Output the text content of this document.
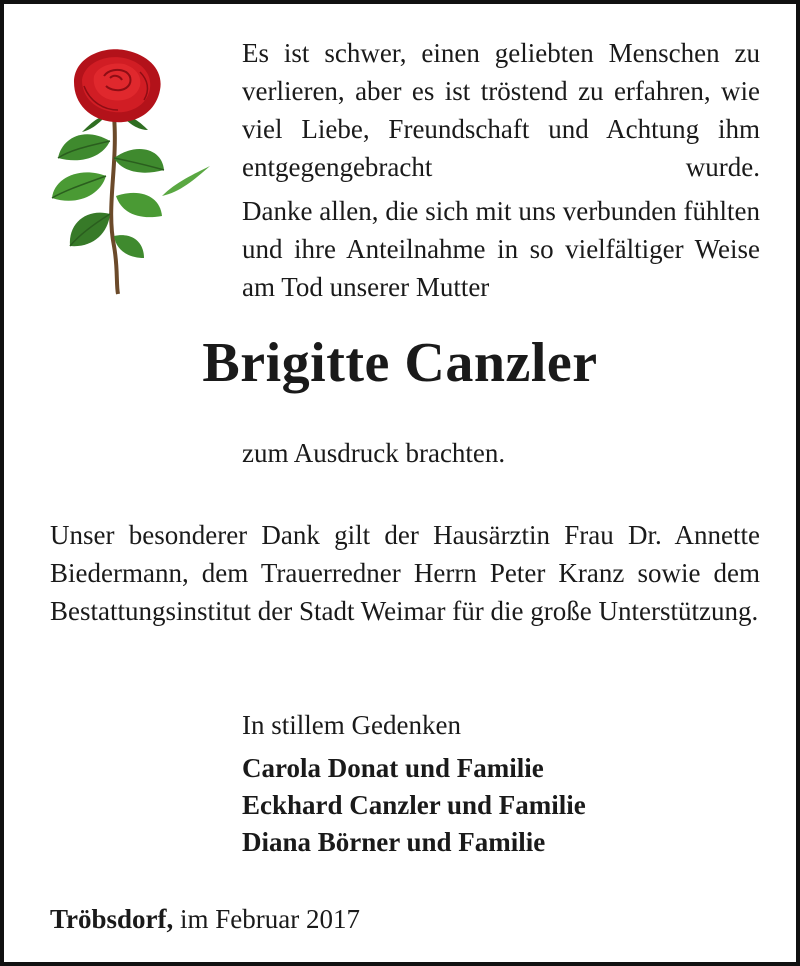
Es ist schwer, einen geliebten Menschen zu verlieren, aber es ist tröstend zu erfahren, wie viel Liebe, Freundschaft und Achtung ihm entgegengebracht wurde.

Danke allen, die sich mit uns verbunden fühlten und ihre Anteilnahme in so vielfältiger Weise am Tod unserer Mutter

Brigitte Canzler
zum Ausdruck brachten.

Unser besonderer Dank gilt der Hausärztin Frau Dr. Annette Biedermann, dem Trauerredner Herrn Peter Kranz sowie dem Bestattungsinstitut der Stadt Weimar für die große Unterstützung.

In stillem Gedenken
Carola Donat und Familie
Eckhard Canzler und Familie
Diana Börner und Familie
Tröbsdorf, im Februar 2017
